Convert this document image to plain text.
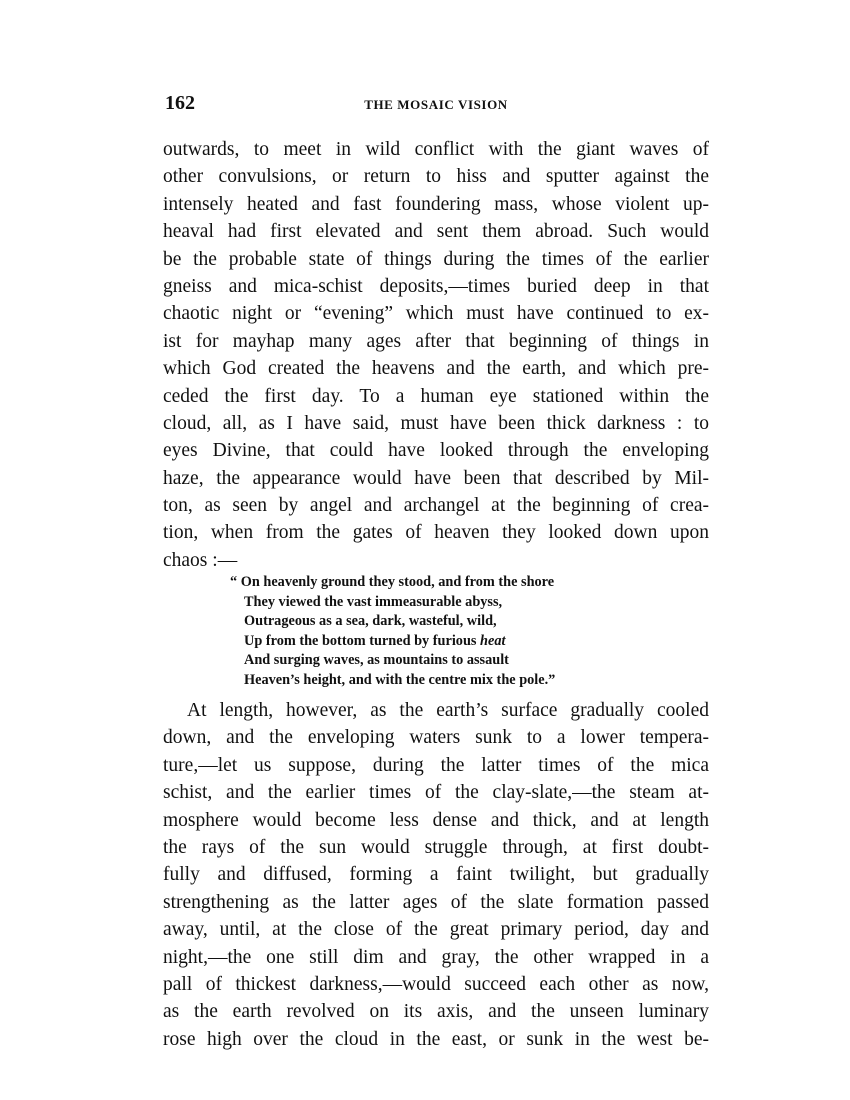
162	THE MOSAIC VISION
outwards, to meet in wild conflict with the giant waves of
other convulsions, or return to hiss and sputter against the
intensely heated and fast foundering mass, whose violent up-
heaval had first elevated and sent them abroad. Such would
be the probable state of things during the times of the earlier
gneiss and mica-schist deposits,—times buried deep in that
chaotic night or “evening” which must have continued to ex-
ist for mayhap many ages after that beginning of things in
which God created the heavens and the earth, and which pre-
ceded the first day. To a human eye stationed within the
cloud, all, as I have said, must have been thick darkness : to
eyes Divine, that could have looked through the enveloping
haze, the appearance would have been that described by Mil-
ton, as seen by angel and archangel at the beginning of crea-
tion, when from the gates of heaven they looked down upon
chaos :—
“ On heavenly ground they stood, and from the shore
They viewed the vast immeasurable abyss,
Outrageous as a sea, dark, wasteful, wild,
Up from the bottom turned by furious heat
And surging waves, as mountains to assault
Heaven’s height, and with the centre mix the pole.”
At length, however, as the earth’s surface gradually cooled
down, and the enveloping waters sunk to a lower tempera-
ture,—let us suppose, during the latter times of the mica
schist, and the earlier times of the clay-slate,—the steam at-
mosphere would become less dense and thick, and at length
the rays of the sun would struggle through, at first doubt-
fully and diffused, forming a faint twilight, but gradually
strengthening as the latter ages of the slate formation passed
away, until, at the close of the great primary period, day and
night,—the one still dim and gray, the other wrapped in a
pall of thickest darkness,—would succeed each other as now,
as the earth revolved on its axis, and the unseen luminary
rose high over the cloud in the east, or sunk in the west be-
